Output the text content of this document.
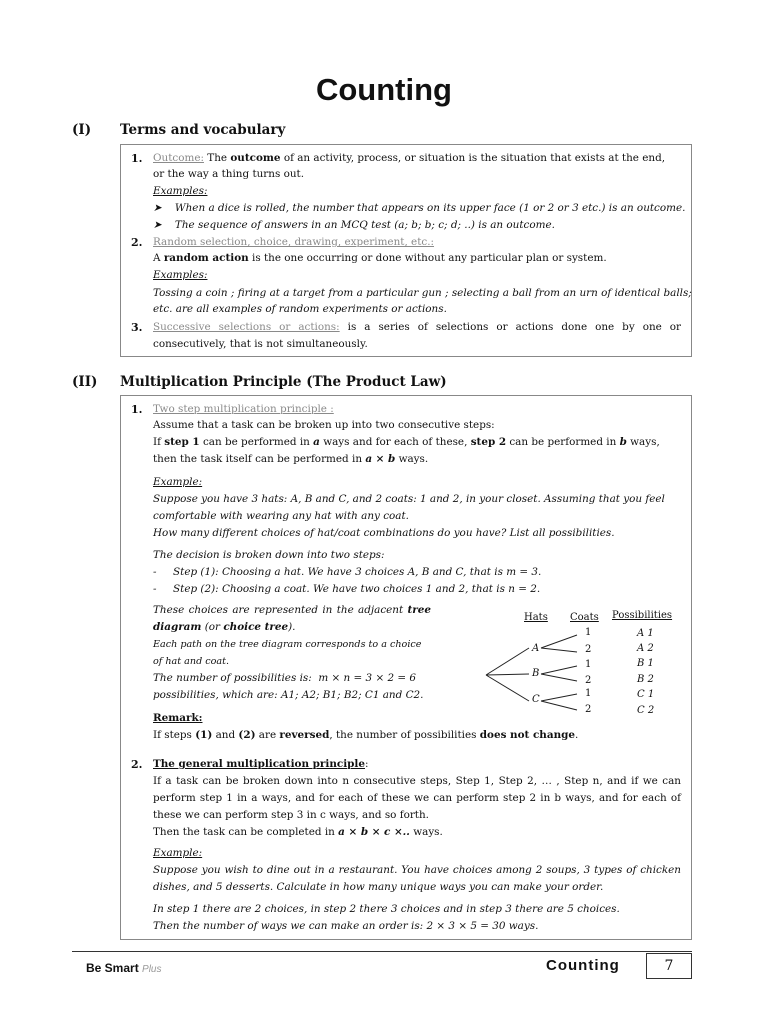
Counting
(I) Terms and vocabulary
1. Outcome: The outcome of an activity, process, or situation is the situation that exists at the end,
or the way a thing turns out.
Examples:
➤    When a dice is rolled, the number that appears on its upper face (1 or 2 or 3 etc.) is an outcome.
➤    The sequence of answers in an MCQ test (a; b; b; c; d; ..) is an outcome.
2. Random selection, choice, drawing, experiment, etc.:
A random action is the one occurring or done without any particular plan or system.
Examples:
Tossing a coin ; firing at a target from a particular gun ; selecting a ball from an urn of identical balls;
etc. are all examples of random experiments or actions.
3. Successive selections or actions: is a series of selections or actions done one by one or
consecutively, that is not simultaneously.
(II) Multiplication Principle (The Product Law)
1. Two step multiplication principle :
Assume that a task can be broken up into two consecutive steps:
If step 1 can be performed in a ways and for each of these, step 2 can be performed in b ways,
then the task itself can be performed in a × b ways.
Example:
Suppose you have 3 hats: A, B and C, and 2 coats: 1 and 2, in your closet. Assuming that you feel
comfortable with wearing any hat with any coat.
How many different choices of hat/coat combinations do you have? List all possibilities.
The decision is broken down into two steps:
- Step (1): Choosing a hat. We have 3 choices A, B and C, that is m = 3.
- Step (2): Choosing a coat. We have two choices 1 and 2, that is n = 2.
These choices are represented in the adjacent tree
diagram (or choice tree).
Each path on the tree diagram corresponds to a choice
of hat and coat.
The number of possibilities is:  m × n = 3 × 2 = 6
possibilities, which are: A1; A2; B1; B2; C1 and C2.
Hats Coats Possibilities
A
B
C
1
2
1
2
1
2
A 1
A 2
B 1
B 2
C 1
C 2
Remark:
If steps (1) and (2) are reversed, the number of possibilities does not change.
2. The general multiplication principle:
If a task can be broken down into n consecutive steps, Step 1, Step 2, … , Step n, and if we can
perform step 1 in a ways, and for each of these we can perform step 2 in b ways, and for each of
these we can perform step 3 in c ways, and so forth.
Then the task can be completed in a × b × c ×.. ways.
Example:
Suppose you wish to dine out in a restaurant. You have choices among 2 soups, 3 types of chicken
dishes, and 5 desserts. Calculate in how many unique ways you can make your order.
In step 1 there are 2 choices, in step 2 there 3 choices and in step 3 there are 5 choices.
Then the number of ways we can make an order is: 2 × 3 × 5 = 30 ways.
Be Smart Plus	Counting	7
